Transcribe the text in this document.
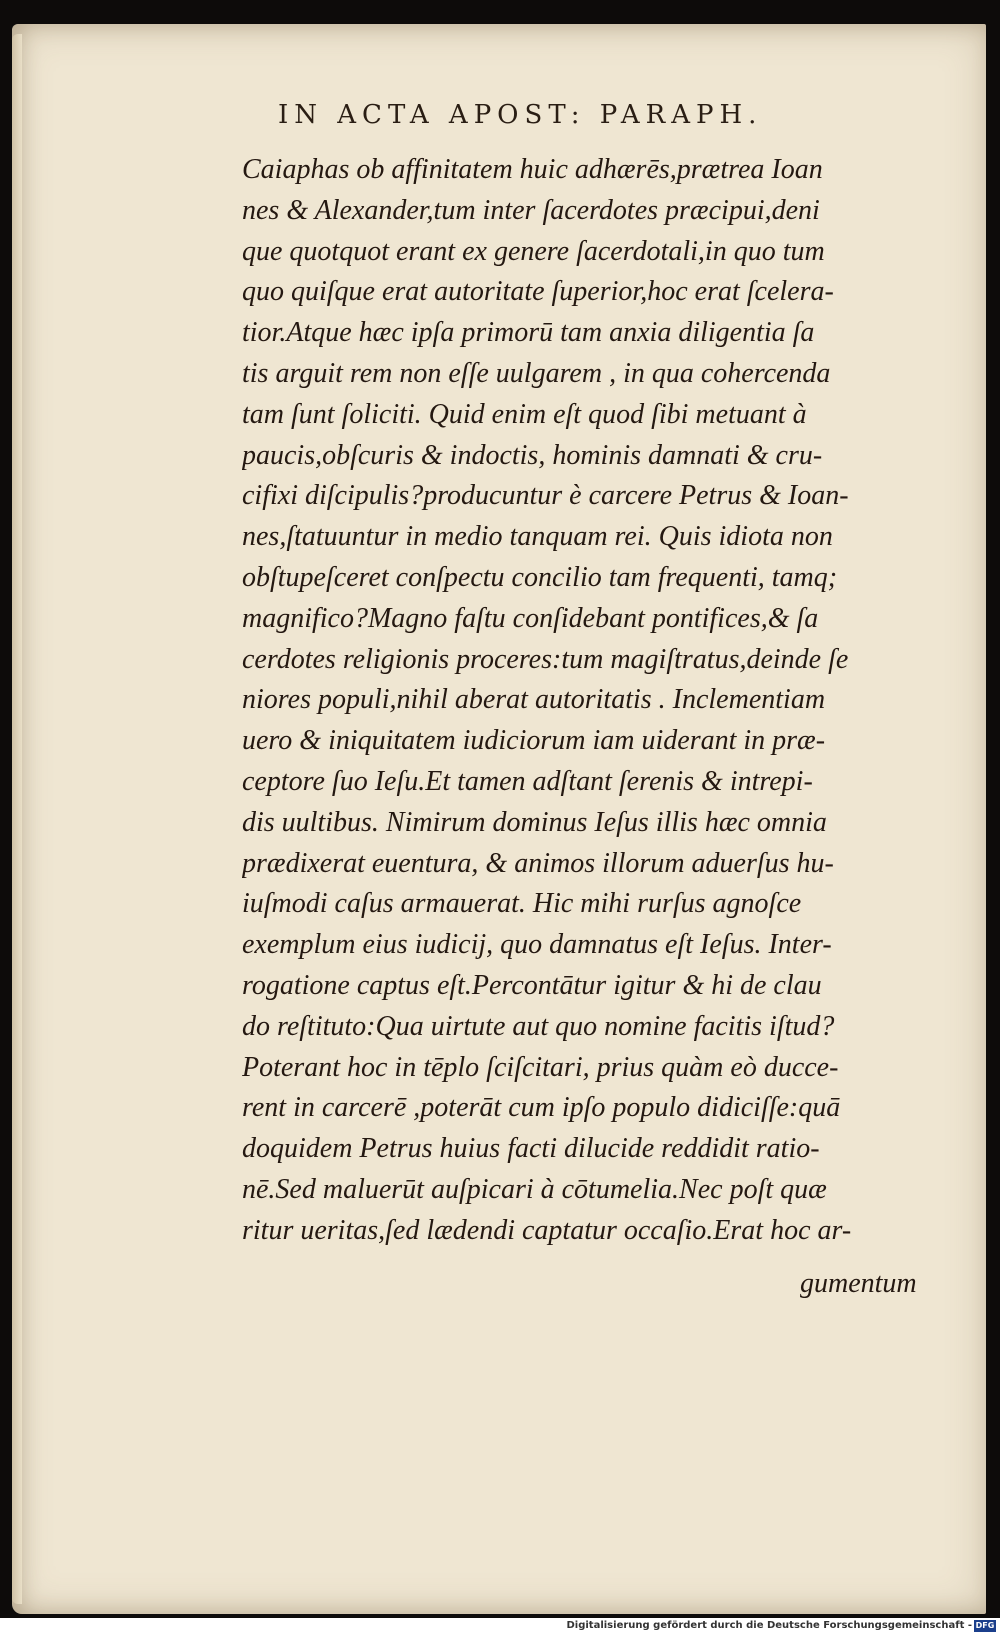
IN ACTA APOST: PARAPH.
Caiaphas ob affinitatem huic adhærēs,prætrea Ioan
nes & Alexander,tum inter ſacerdotes præcipui,deni
que quotquot erant ex genere ſacerdotali,in quo tum
quo quiſque erat autoritate ſuperior,hoc erat ſcelera-
tior.Atque hæc ipſa primorū tam anxia diligentia ſa
tis arguit rem non eſſe uulgarem , in qua cohercenda
tam ſunt ſoliciti. Quid enim eſt quod ſibi metuant à
paucis,obſcuris & indoctis, hominis damnati & cru-
cifixi diſcipulis?producuntur è carcere Petrus & Ioan-
nes,ſtatuuntur in medio tanquam rei. Quis idiota non
obſtupeſceret conſpectu concilio tam frequenti, tamq;
magnifico?Magno faſtu conſidebant pontifices,& ſa
cerdotes religionis proceres:tum magiſtratus,deinde ſe
niores populi,nihil aberat autoritatis . Inclementiam
uero & iniquitatem iudiciorum iam uiderant in præ-
ceptore ſuo Ieſu.Et tamen adſtant ſerenis & intrepi-
dis uultibus. Nimirum dominus Ieſus illis hæc omnia
prædixerat euentura, & animos illorum aduerſus hu-
iuſmodi caſus armauerat. Hic mihi rurſus agnoſce
exemplum eius iudicij, quo damnatus eſt Ieſus. Inter-
rogatione captus eſt.Percontātur igitur & hi de clau
do reſtituto:Qua uirtute aut quo nomine facitis iſtud?
Poterant hoc in tēplo ſciſcitari, prius quàm eò ducce-
rent in carcerē ,poterāt cum ipſo populo didiciſſe:quā
doquidem Petrus huius facti dilucide reddidit ratio-
nē.Sed maluerūt auſpicari à cōtumelia.Nec poſt quæ
ritur ueritas,ſed lædendi captatur occaſio.Erat hoc ar-
gumentum
Digitalisierung gefördert durch die Deutsche Forschungsgemeinschaft - DFG
